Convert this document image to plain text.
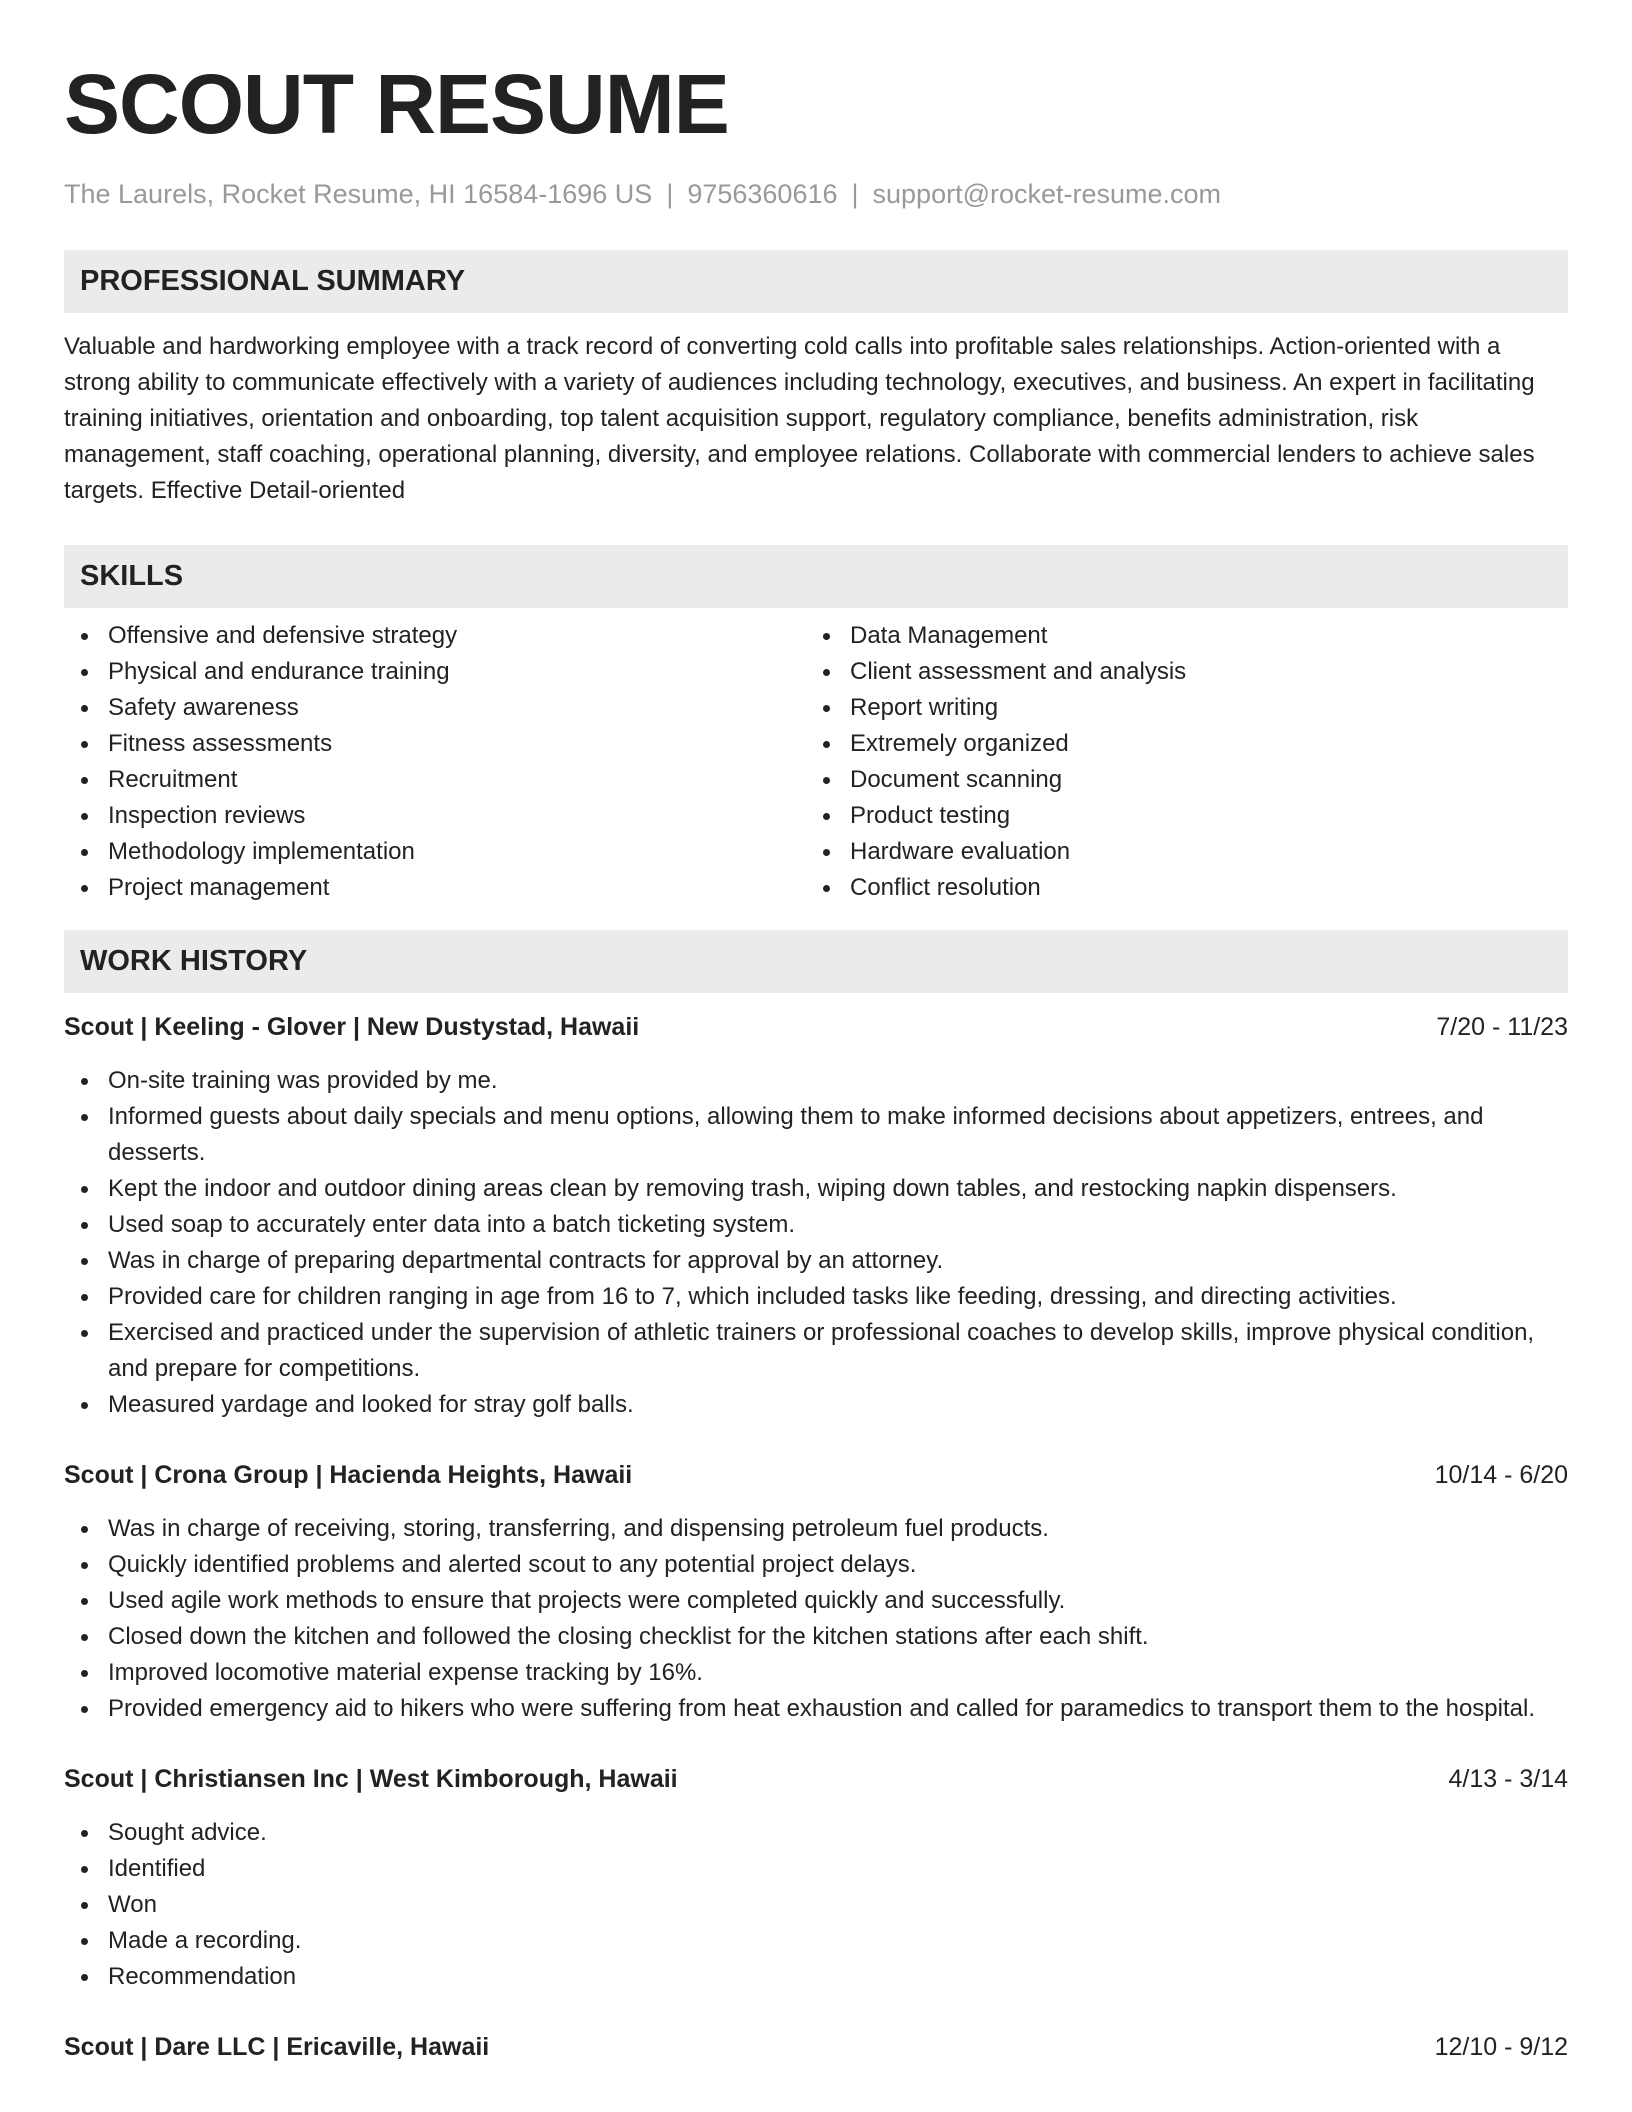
SCOUT RESUME
The Laurels, Rocket Resume, HI 16584-1696 US | 9756360616 | support@rocket-resume.com
PROFESSIONAL SUMMARY

Valuable and hardworking employee with a track record of converting cold calls into profitable sales relationships. Action-oriented with a strong ability to communicate effectively with a variety of audiences including technology, executives, and business. An expert in facilitating training initiatives, orientation and onboarding, top talent acquisition support, regulatory compliance, benefits administration, risk management, staff coaching, operational planning, diversity, and employee relations. Collaborate with commercial lenders to achieve sales targets. Effective Detail-oriented

SKILLS
Offensive and defensive strategy
Physical and endurance training
Safety awareness
Fitness assessments
Recruitment
Inspection reviews
Methodology implementation
Project management
Data Management
Client assessment and analysis
Report writing
Extremely organized
Document scanning
Product testing
Hardware evaluation
Conflict resolution
WORK HISTORY
Scout | Keeling - Glover | New Dustystad, Hawaii	7/20 - 11/23
On-site training was provided by me.
Informed guests about daily specials and menu options, allowing them to make informed decisions about appetizers, entrees, and desserts.
Kept the indoor and outdoor dining areas clean by removing trash, wiping down tables, and restocking napkin dispensers.
Used soap to accurately enter data into a batch ticketing system.
Was in charge of preparing departmental contracts for approval by an attorney.
Provided care for children ranging in age from 16 to 7, which included tasks like feeding, dressing, and directing activities.
Exercised and practiced under the supervision of athletic trainers or professional coaches to develop skills, improve physical condition, and prepare for competitions.
Measured yardage and looked for stray golf balls.
Scout | Crona Group | Hacienda Heights, Hawaii	10/14 - 6/20
Was in charge of receiving, storing, transferring, and dispensing petroleum fuel products.
Quickly identified problems and alerted scout to any potential project delays.
Used agile work methods to ensure that projects were completed quickly and successfully.
Closed down the kitchen and followed the closing checklist for the kitchen stations after each shift.
Improved locomotive material expense tracking by 16%.
Provided emergency aid to hikers who were suffering from heat exhaustion and called for paramedics to transport them to the hospital.
Scout | Christiansen Inc | West Kimborough, Hawaii	4/13 - 3/14
Sought advice.
Identified
Won
Made a recording.
Recommendation
Scout | Dare LLC | Ericaville, Hawaii	12/10 - 9/12
